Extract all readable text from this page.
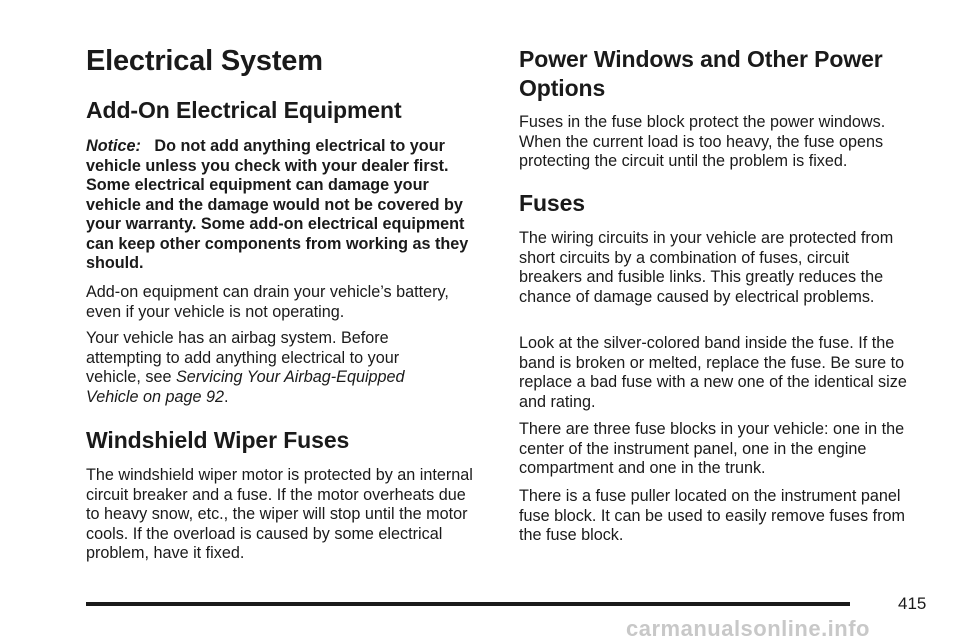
Electrical System
Add-On Electrical Equipment

Notice: Do not add anything electrical to your vehicle unless you check with your dealer first. Some electrical equipment can damage your vehicle and the damage would not be covered by your warranty. Some add-on electrical equipment can keep other components from working as they should.

Add-on equipment can drain your vehicle’s battery, even if your vehicle is not operating.

Your vehicle has an airbag system. Before attempting to add anything electrical to your vehicle, see Servicing Your Airbag-Equipped Vehicle on page 92.

Windshield Wiper Fuses

The windshield wiper motor is protected by an internal circuit breaker and a fuse. If the motor overheats due to heavy snow, etc., the wiper will stop until the motor cools. If the overload is caused by some electrical problem, have it fixed.

Power Windows and Other Power
Options

Fuses in the fuse block protect the power windows. When the current load is too heavy, the fuse opens protecting the circuit until the problem is fixed.

Fuses

The wiring circuits in your vehicle are protected from short circuits by a combination of fuses, circuit breakers and fusible links. This greatly reduces the chance of damage caused by electrical problems.

Look at the silver-colored band inside the fuse. If the band is broken or melted, replace the fuse. Be sure to replace a bad fuse with a new one of the identical size and rating.

There are three fuse blocks in your vehicle: one in the center of the instrument panel, one in the engine compartment and one in the trunk.

There is a fuse puller located on the instrument panel fuse block. It can be used to easily remove fuses from the fuse block.

415
carmanualsonline.info
